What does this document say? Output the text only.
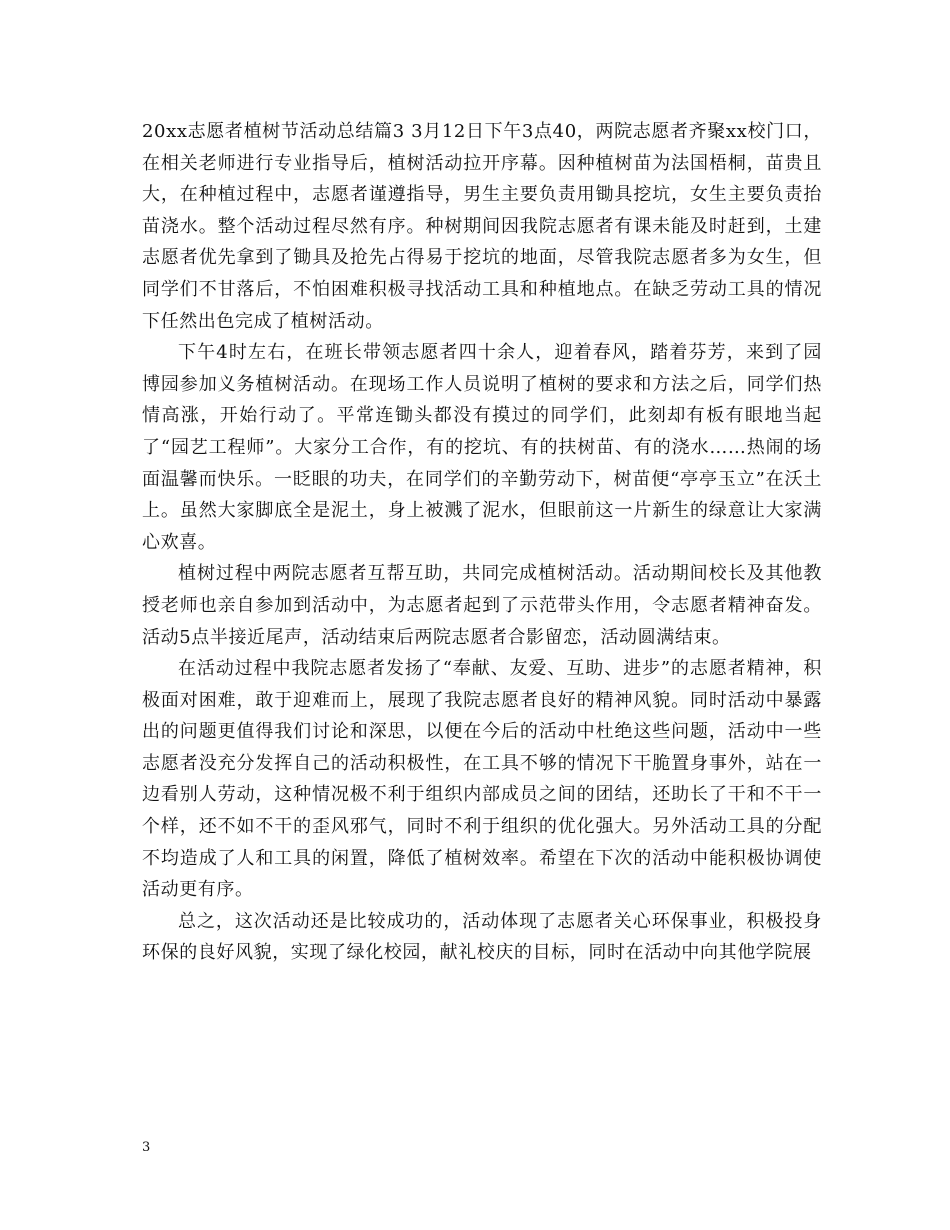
20xx志愿者植树节活动总结篇3 3月12日下午3点40，两院志愿者齐聚xx校门口，在相关老师进行专业指导后，植树活动拉开序幕。因种植树苗为法国梧桐，苗贵且大，在种植过程中，志愿者谨遵指导，男生主要负责用锄具挖坑，女生主要负责抬苗浇水。整个活动过程尽然有序。种树期间因我院志愿者有课未能及时赶到，土建志愿者优先拿到了锄具及抢先占得易于挖坑的地面，尽管我院志愿者多为女生，但同学们不甘落后，不怕困难积极寻找活动工具和种植地点。在缺乏劳动工具的情况下任然出色完成了植树活动。

下午4时左右，在班长带领志愿者四十余人，迎着春风，踏着芬芳，来到了园博园参加义务植树活动。在现场工作人员说明了植树的要求和方法之后，同学们热情高涨，开始行动了。平常连锄头都没有摸过的同学们，此刻却有板有眼地当起了“园艺工程师”。大家分工合作，有的挖坑、有的扶树苗、有的浇水……热闹的场面温馨而快乐。一眨眼的功夫，在同学们的辛勤劳动下，树苗便“亭亭玉立”在沃土上。虽然大家脚底全是泥土，身上被溅了泥水，但眼前这一片新生的绿意让大家满心欢喜。

植树过程中两院志愿者互帮互助，共同完成植树活动。活动期间校长及其他教授老师也亲自参加到活动中，为志愿者起到了示范带头作用，令志愿者精神奋发。活动5点半接近尾声，活动结束后两院志愿者合影留恋，活动圆满结束。

在活动过程中我院志愿者发扬了“奉献、友爱、互助、进步”的志愿者精神，积极面对困难，敢于迎难而上，展现了我院志愿者良好的精神风貌。同时活动中暴露出的问题更值得我们讨论和深思，以便在今后的活动中杜绝这些问题，活动中一些志愿者没充分发挥自己的活动积极性，在工具不够的情况下干脆置身事外，站在一边看别人劳动，这种情况极不利于组织内部成员之间的团结，还助长了干和不干一个样，还不如不干的歪风邪气，同时不利于组织的优化强大。另外活动工具的分配不均造成了人和工具的闲置，降低了植树效率。希望在下次的活动中能积极协调使活动更有序。

总之，这次活动还是比较成功的，活动体现了志愿者关心环保事业，积极投身环保的良好风貌，实现了绿化校园，献礼校庆的目标，同时在活动中向其他学院展

3
